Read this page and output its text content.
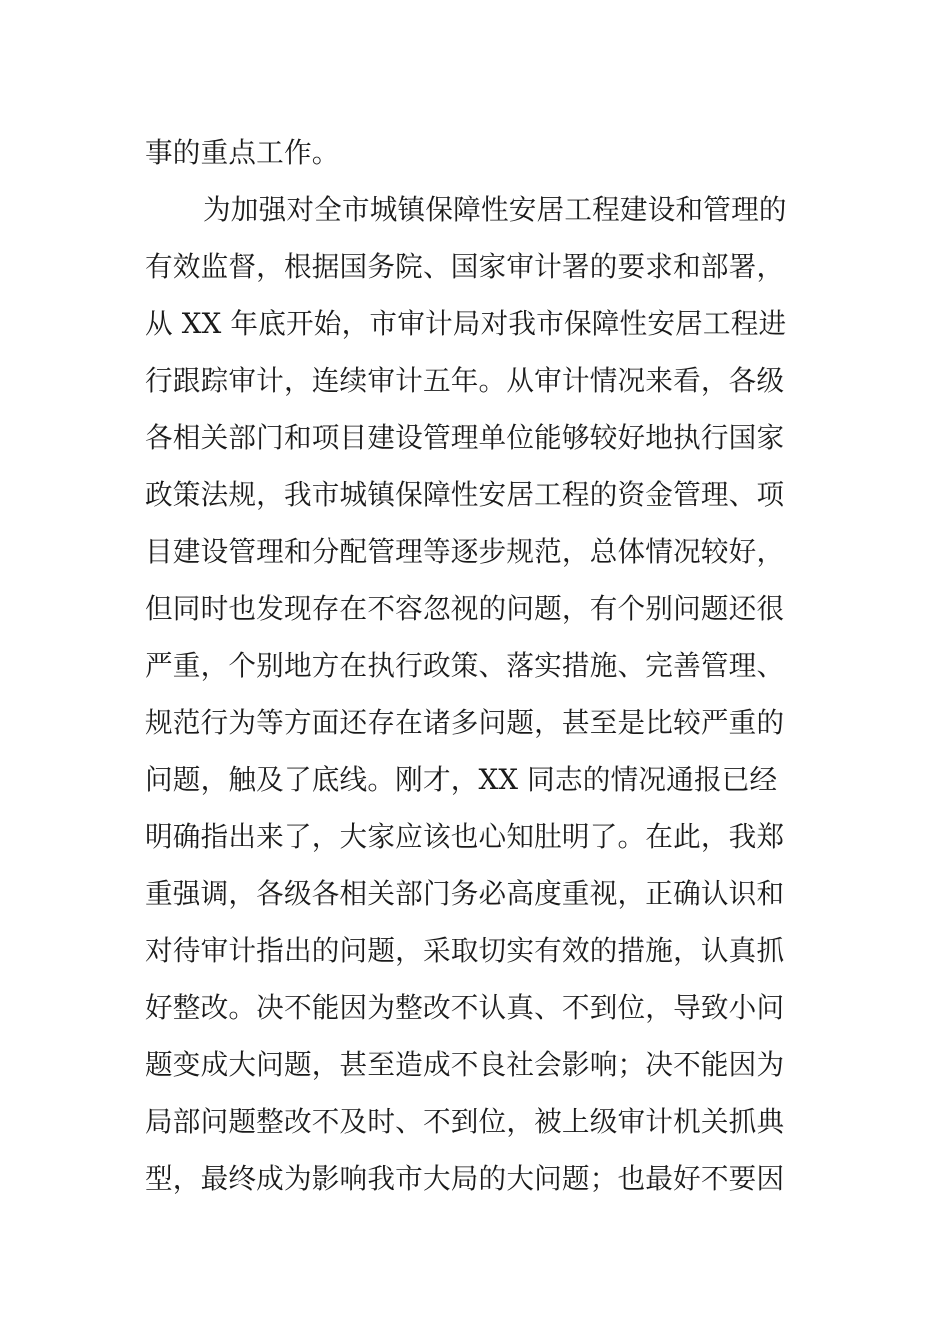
事的重点工作。
为加强对全市城镇保障性安居工程建设和管理的
有效监督，根据国务院、国家审计署的要求和部署，
从 XX 年底开始，市审计局对我市保障性安居工程进
行跟踪审计，连续审计五年。从审计情况来看，各级
各相关部门和项目建设管理单位能够较好地执行国家
政策法规，我市城镇保障性安居工程的资金管理、项
目建设管理和分配管理等逐步规范，总体情况较好，
但同时也发现存在不容忽视的问题，有个别问题还很
严重，个别地方在执行政策、落实措施、完善管理、
规范行为等方面还存在诸多问题，甚至是比较严重的
问题，触及了底线。刚才，XX 同志的情况通报已经
明确指出来了，大家应该也心知肚明了。在此，我郑
重强调，各级各相关部门务必高度重视，正确认识和
对待审计指出的问题，采取切实有效的措施，认真抓
好整改。决不能因为整改不认真、不到位，导致小问
题变成大问题，甚至造成不良社会影响；决不能因为
局部问题整改不及时、不到位，被上级审计机关抓典
型，最终成为影响我市大局的大问题；也最好不要因
